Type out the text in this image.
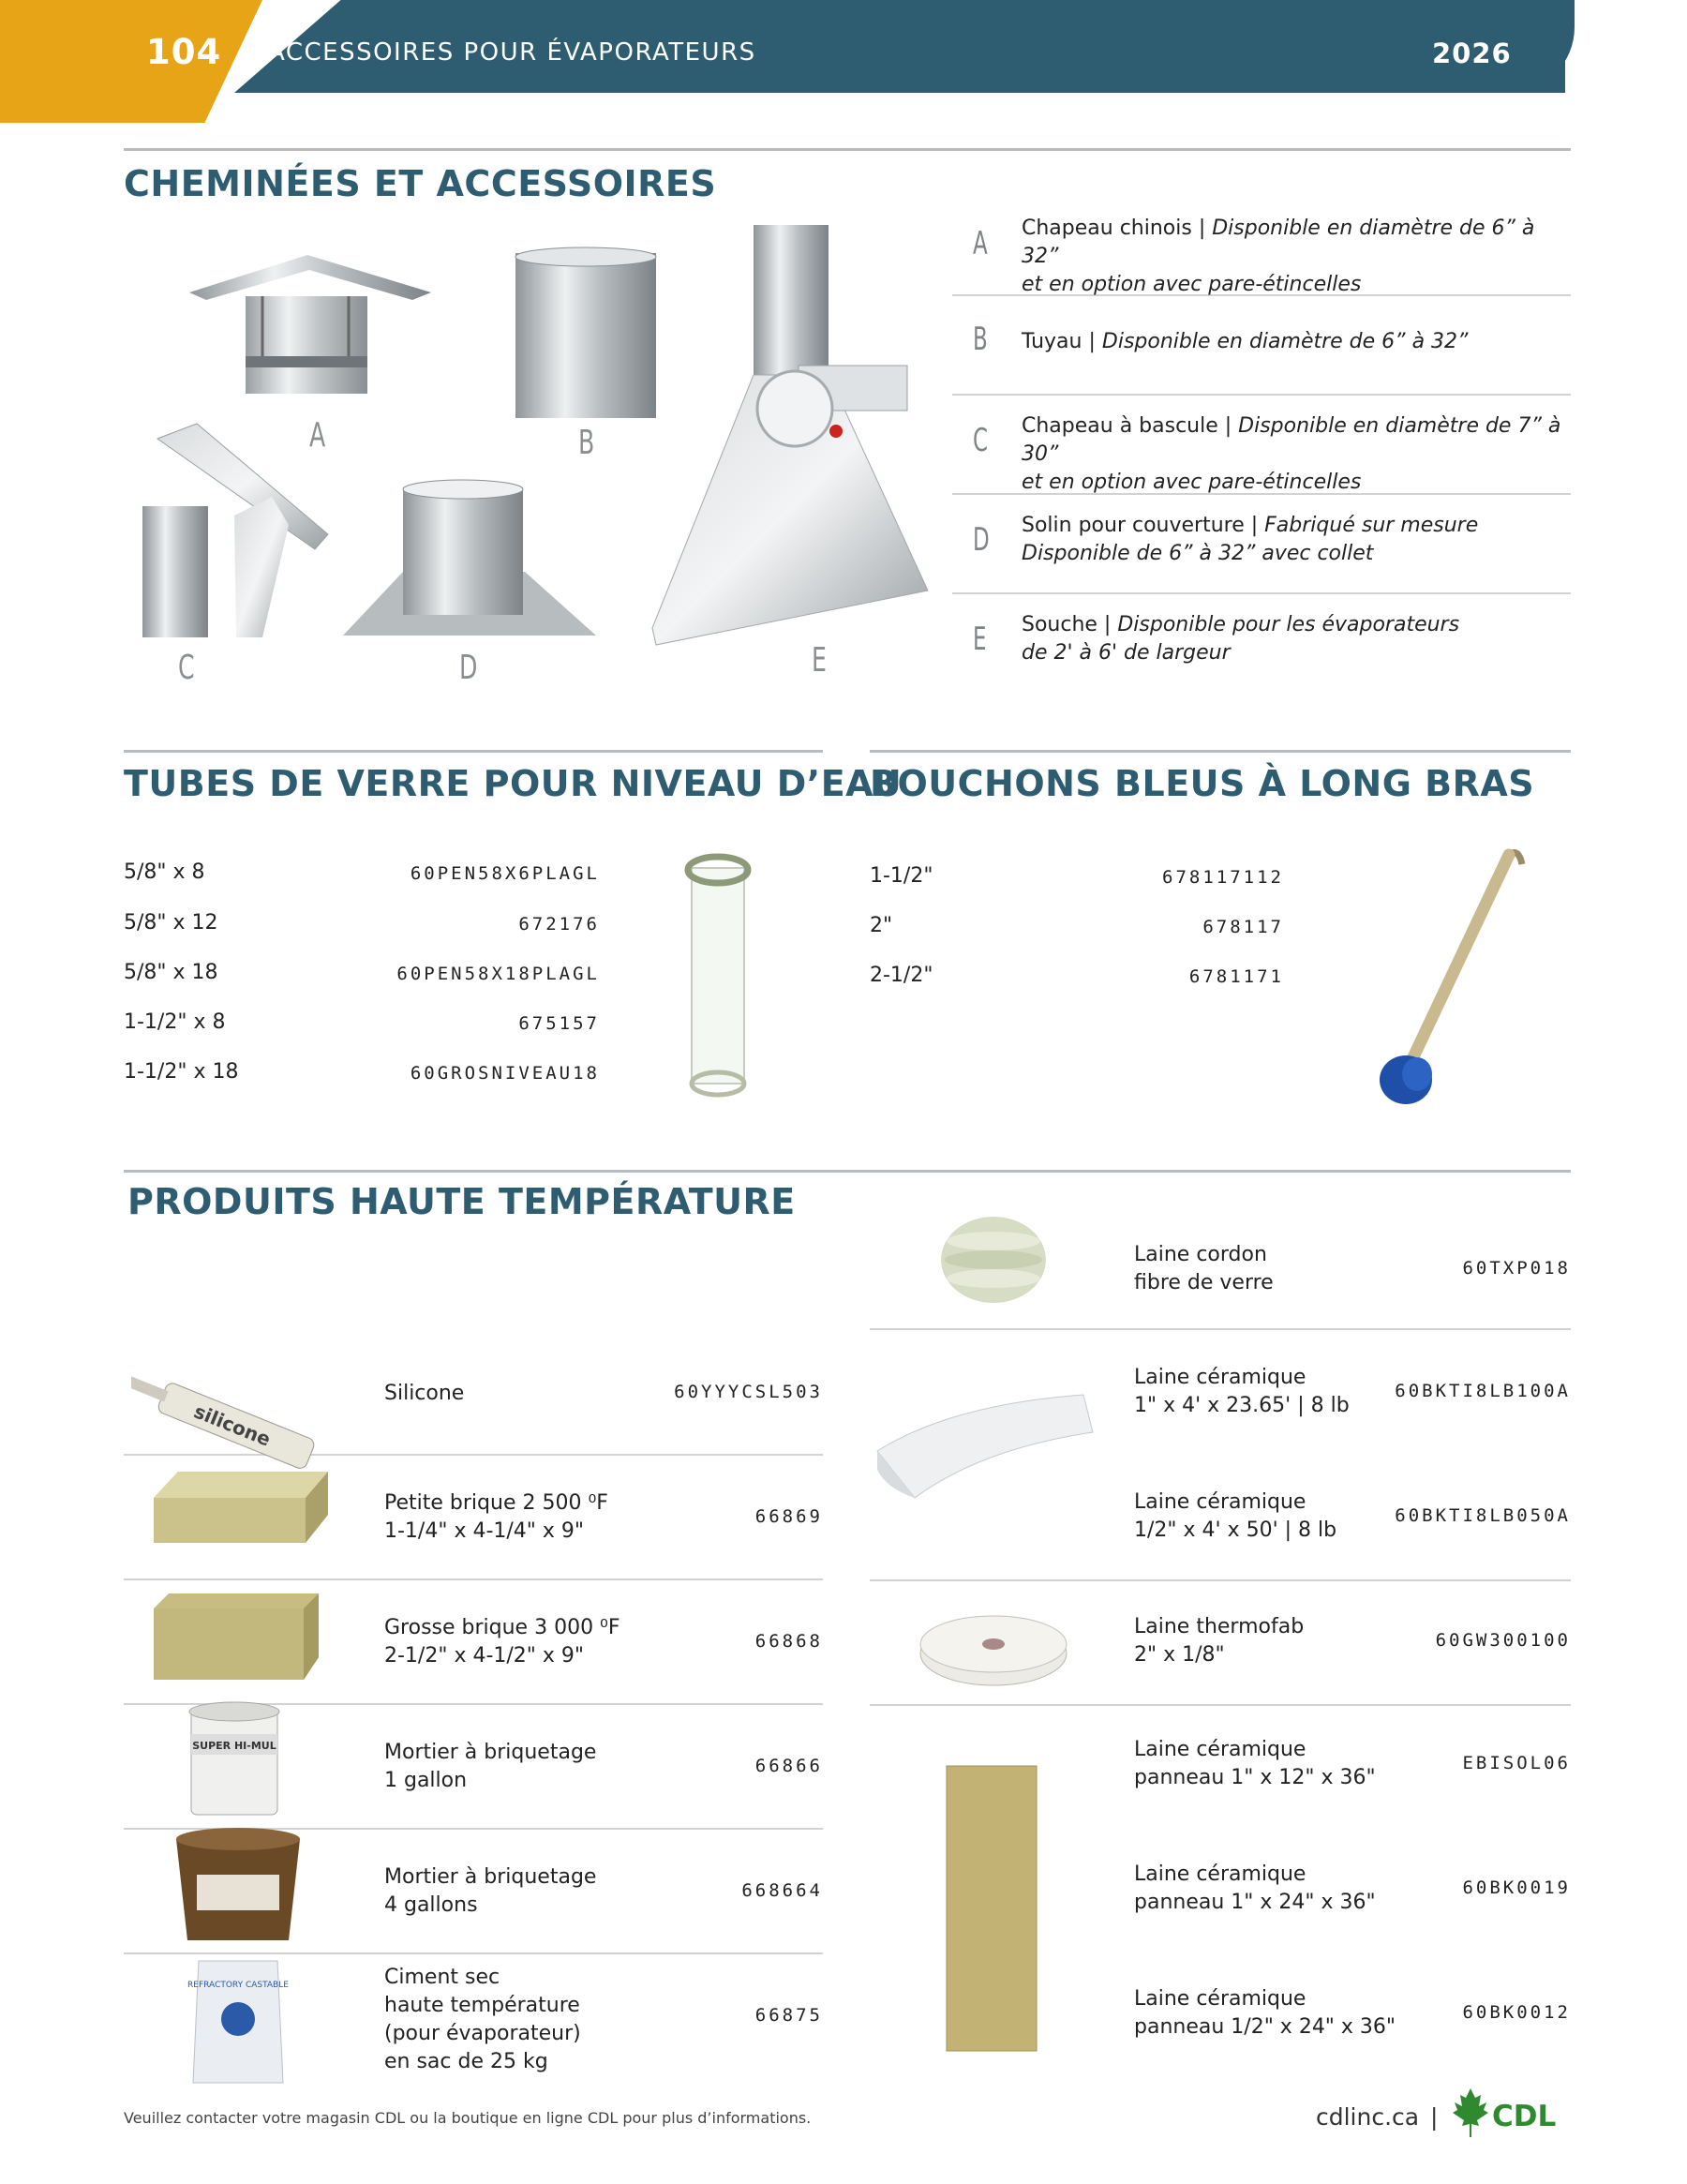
104 ACCESSOIRES POUR ÉVAPORATEURS	2026
CHEMINÉES ET ACCESSOIRES
A	B
C	D	E
A Chapeau chinois | Disponible en diamètre de 6” à 32”
et en option avec pare-étincelles
B Tuyau | Disponible en diamètre de 6” à 32”
C Chapeau à bascule | Disponible en diamètre de 7” à 30”
et en option avec pare-étincelles
D Solin pour couverture | Fabriqué sur mesure
Disponible de 6” à 32” avec collet
E Souche | Disponible pour les évaporateurs
de 2' à 6' de largeur
TUBES DE VERRE POUR NIVEAU D’EAU
5/8" x 8	60PEN58X6PLAGL
5/8" x 12	672176
5/8" x 18	60PEN58X18PLAGL
1-1/2" x 8	675157
1-1/2" x 18	60GROSNIVEAU18
BOUCHONS BLEUS À LONG BRAS
1-1/2"	678117112
2"	678117
2-1/2"	6781171
PRODUITS HAUTE TEMPÉRATURE
Silicone	60YYYCSL503
Petite brique 2 500 ⁰F
1-1/4" x 4-1/4" x 9"
66869
Grosse brique 3 000 ⁰F
2-1/2" x 4-1/2" x 9"
66868
Mortier à briquetage
1 gallon
66866
Mortier à briquetage
4 gallons
668664
Ciment sec
haute température
(pour évaporateur)
en sac de 25 kg
66875
silicone
SUPER HI-MUL
REFRACTORY CASTABLE
Laine cordon
fibre de verre
60TXP018
Laine céramique
1" x 4' x 23.65' | 8 lb
60BKTI8LB100A
Laine céramique
1/2" x 4' x 50' | 8 lb
60BKTI8LB050A
Laine thermofab
2" x 1/8"
60GW300100
Laine céramique
panneau 1" x 12" x 36"
EBISOL06
Laine céramique
panneau 1" x 24" x 36"
60BK0019
Laine céramique
panneau 1/2" x 24" x 36"
60BK0012
Veuillez contacter votre magasin CDL ou la boutique en ligne CDL pour plus d’informations.	cdlinc.ca | CDL
